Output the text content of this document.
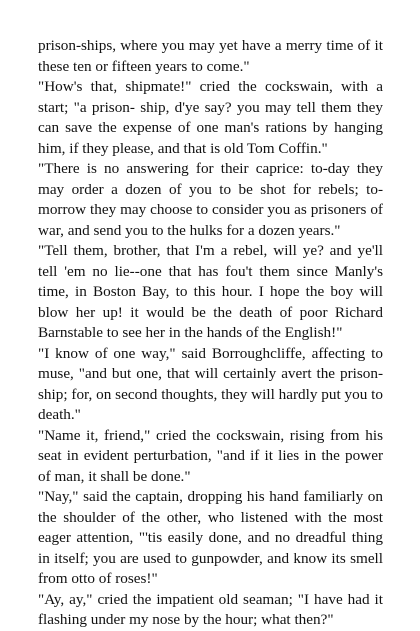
prison-ships, where you may yet have a merry time of it these ten or fifteen years to come."

"How's that, shipmate!" cried the cockswain, with a start; "a prison- ship, d'ye say? you may tell them they can save the expense of one man's rations by hanging him, if they please, and that is old Tom Coffin."

"There is no answering for their caprice: to-day they may order a dozen of you to be shot for rebels; to-morrow they may choose to consider you as prisoners of war, and send you to the hulks for a dozen years."

"Tell them, brother, that I'm a rebel, will ye? and ye'll tell 'em no lie--one that has fou't them since Manly's time, in Boston Bay, to this hour. I hope the boy will blow her up! it would be the death of poor Richard Barnstable to see her in the hands of the English!"

"I know of one way," said Borroughcliffe, affecting to muse, "and but one, that will certainly avert the prison-ship; for, on second thoughts, they will hardly put you to death."

"Name it, friend," cried the cockswain, rising from his seat in evident perturbation, "and if it lies in the power of man, it shall be done."

"Nay," said the captain, dropping his hand familiarly on the shoulder of the other, who listened with the most eager attention, "'tis easily done, and no dreadful thing in itself; you are used to gunpowder, and know its smell from otto of roses!"

"Ay, ay," cried the impatient old seaman; "I have had it flashing under my nose by the hour; what then?"
